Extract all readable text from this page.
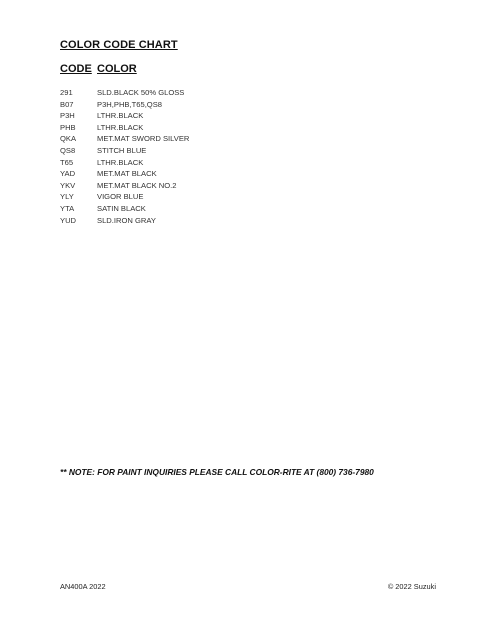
COLOR CODE CHART
CODE COLOR
291	SLD.BLACK 50% GLOSS
B07	P3H,PHB,T65,QS8
P3H	LTHR.BLACK
PHB	LTHR.BLACK
QKA	MET.MAT SWORD SILVER
QS8	STITCH BLUE
T65	LTHR.BLACK
YAD	MET.MAT BLACK
YKV	MET.MAT BLACK NO.2
YLY	VIGOR BLUE
YTA	SATIN BLACK
YUD	SLD.IRON GRAY
** NOTE: FOR PAINT INQUIRIES PLEASE CALL COLOR-RITE AT (800) 736-7980
AN400A 2022	© 2022 Suzuki
